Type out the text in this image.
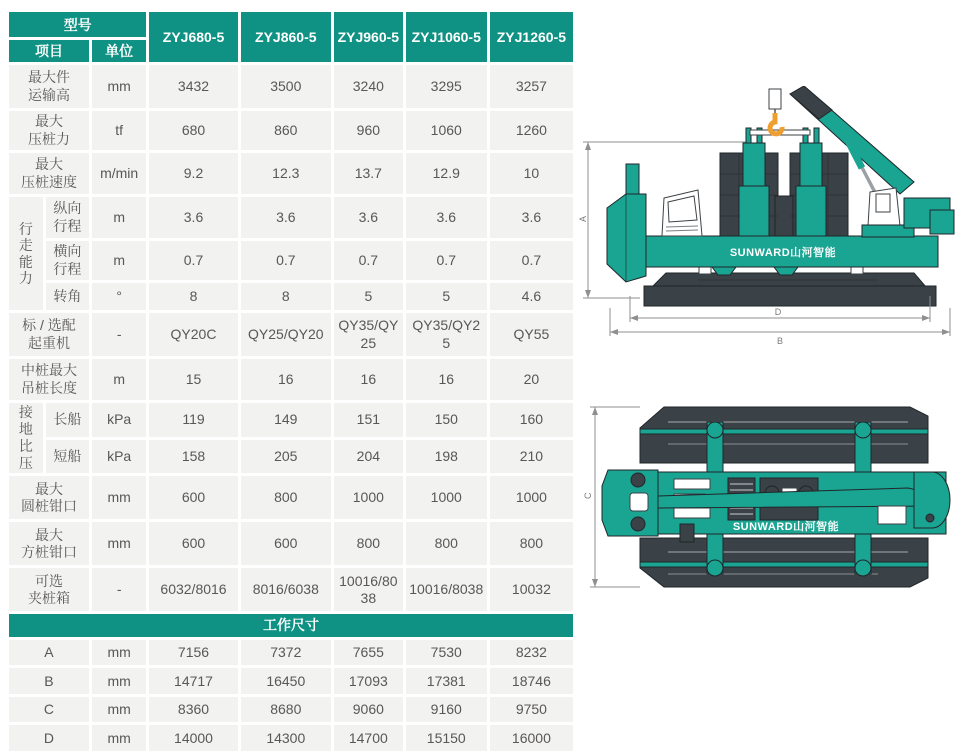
型号			ZYJ680-5	ZYJ860-5	ZYJ960-5	ZYJ1060-5	ZYJ1260-5
项目		单位					
最大件
运输高		mm	3432	3500	3240	3295	3257
最大
压桩力		tf	680	860	960	1060	1260
最大
压桩速度		m/min	9.2	12.3	13.7	12.9	10
行
走
能
力	纵向
行程	m	3.6	3.6	3.6	3.6	3.6
	横向
行程	m	0.7	0.7	0.7	0.7	0.7
	转角	°	8	8	5	5	4.6
标 / 选配
起重机		-	QY20C	QY25/QY20	QY35/QY25	QY35/QY25	QY55
中桩最大
吊桩长度		m	15	16	16	16	20
接地
比压	长船	kPa	119	149	151	150	160
	短船	kPa	158	205	204	198	210
最大
圆桩钳口		mm	600	800	1000	1000	1000
最大
方桩钳口		mm	600	600	800	800	800
可选
夹桩箱		-	6032/8016	8016/6038	10016/8038	10016/8038	10032
工作尺寸							
A		mm	7156	7372	7655	7530	8232
B		mm	14717	16450	17093	17381	18746
C		mm	8360	8680	9060	9160	9750
D		mm	14000	14300	14700	15150	16000
A
SUNWARD山河智能
D
B
C
SUNWARD山河智能
